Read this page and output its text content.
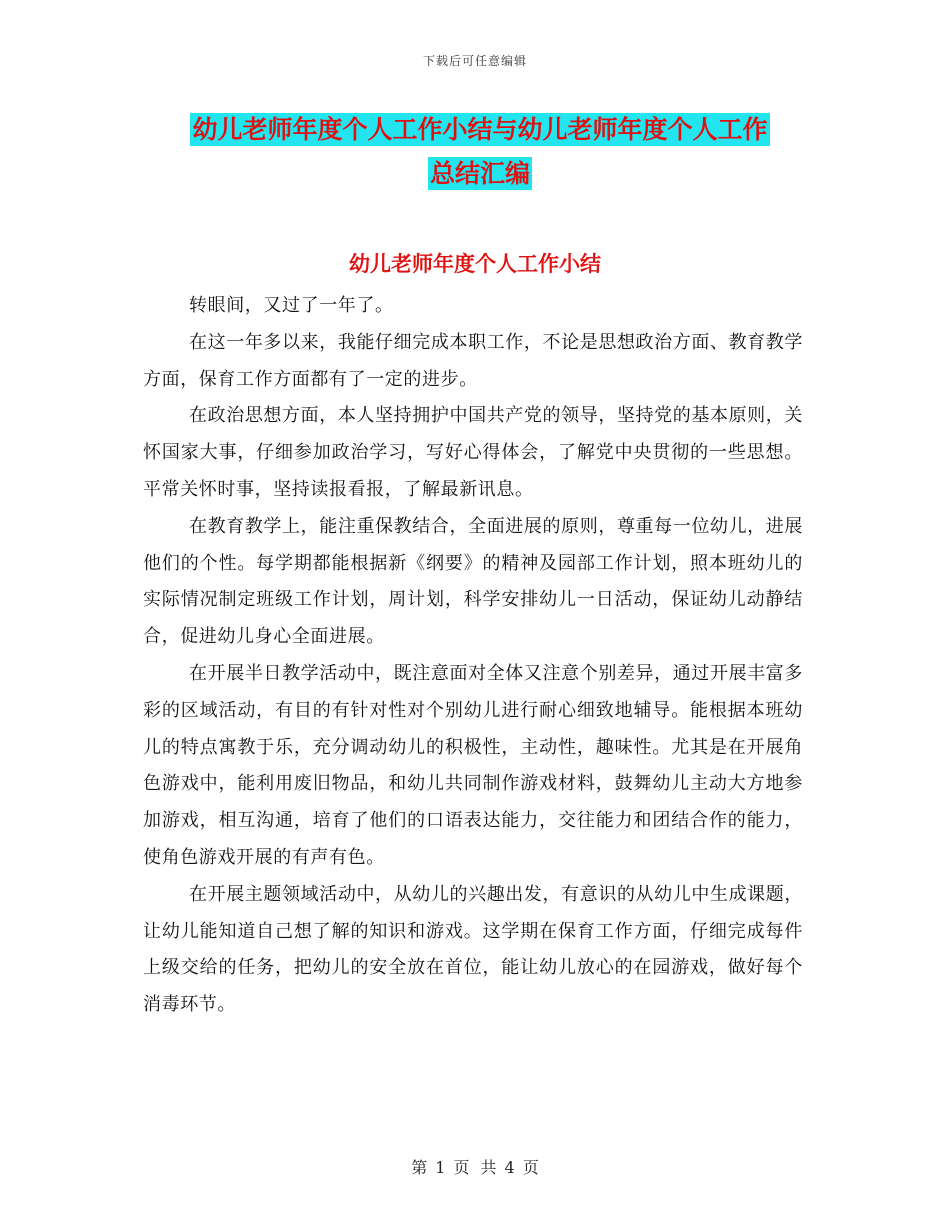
下载后可任意编辑
幼儿老师年度个人工作小结与幼儿老师年度个人工作
总结汇编
幼儿老师年度个人工作小结

转眼间，又过了一年了。

在这一年多以来，我能仔细完成本职工作，不论是思想政治方面、教育教学方面，保育工作方面都有了一定的进步。

在政治思想方面，本人坚持拥护中国共产党的领导，坚持党的基本原则，关怀国家大事，仔细参加政治学习，写好心得体会，了解党中央贯彻的一些思想。平常关怀时事，坚持读报看报，了解最新讯息。

在教育教学上，能注重保教结合，全面进展的原则，尊重每一位幼儿，进展他们的个性。每学期都能根据新《纲要》的精神及园部工作计划，照本班幼儿的实际情况制定班级工作计划，周计划，科学安排幼儿一日活动，保证幼儿动静结合，促进幼儿身心全面进展。

在开展半日教学活动中，既注意面对全体又注意个别差异，通过开展丰富多彩的区域活动，有目的有针对性对个别幼儿进行耐心细致地辅导。能根据本班幼儿的特点寓教于乐，充分调动幼儿的积极性，主动性，趣味性。尤其是在开展角色游戏中，能利用废旧物品，和幼儿共同制作游戏材料，鼓舞幼儿主动大方地参加游戏，相互沟通，培育了他们的口语表达能力，交往能力和团结合作的能力，使角色游戏开展的有声有色。

在开展主题领域活动中，从幼儿的兴趣出发，有意识的从幼儿中生成课题，让幼儿能知道自己想了解的知识和游戏。这学期在保育工作方面，仔细完成每件上级交给的任务，把幼儿的安全放在首位，能让幼儿放心的在园游戏，做好每个消毒环节。

第 1 页 共 4 页
